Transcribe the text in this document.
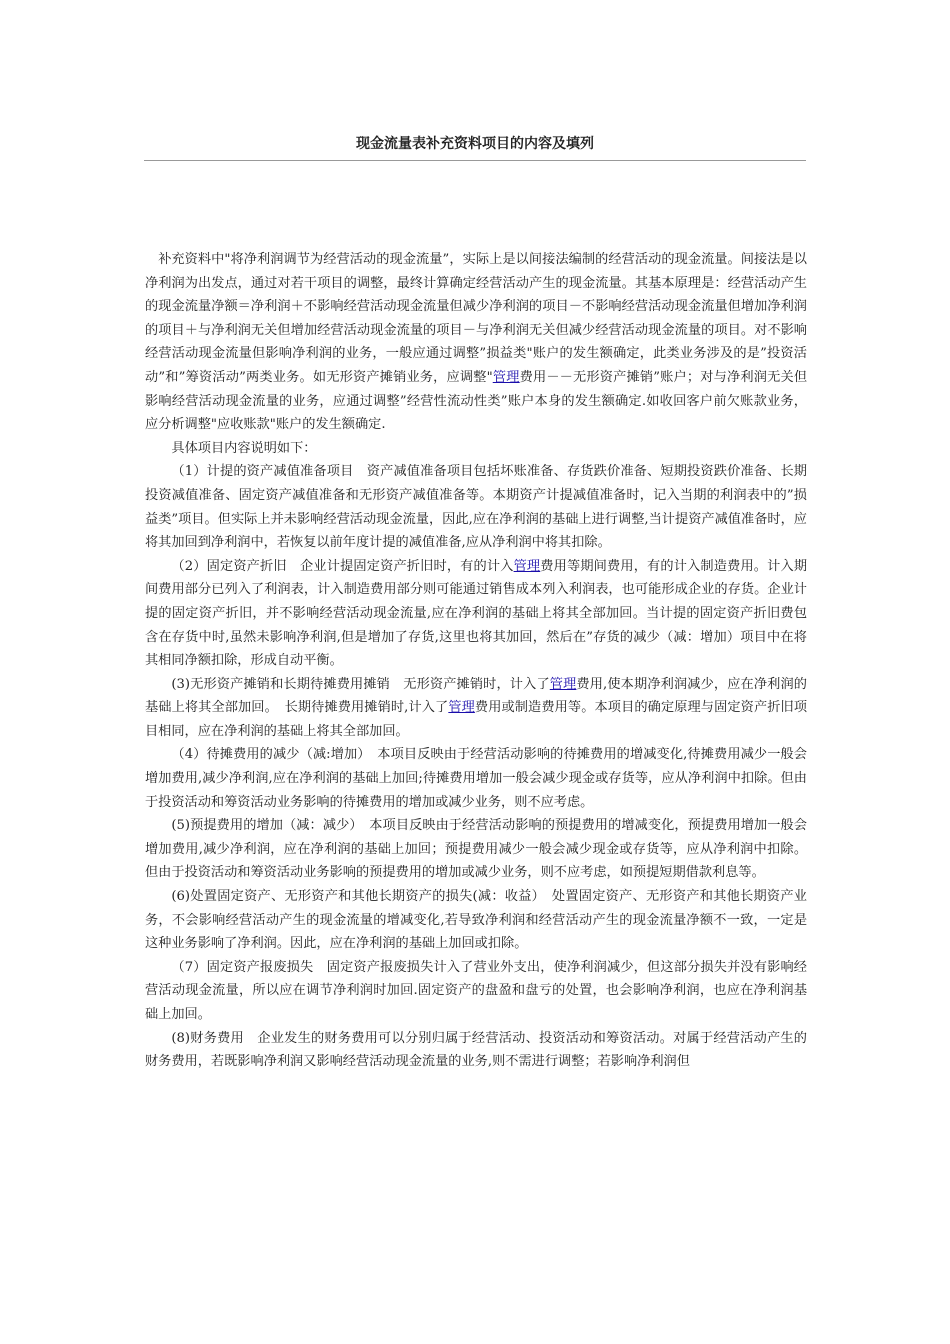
现金流量表补充资料项目的内容及填列

补充资料中"将净利润调节为经营活动的现金流量”，实际上是以间接法编制的经营活动的现金流量。间接法是以净利润为出发点，通过对若干项目的调整，最终计算确定经营活动产生的现金流量。其基本原理是：经营活动产生的现金流量净额＝净利润＋不影响经营活动现金流量但减少净利润的项目－不影响经营活动现金流量但增加净利润的项目＋与净利润无关但增加经营活动现金流量的项目－与净利润无关但减少经营活动现金流量的项目。对不影响经营活动现金流量但影响净利润的业务，一般应通过调整”损益类"账户的发生额确定，此类业务涉及的是”投资活动”和”筹资活动”两类业务。如无形资产摊销业务，应调整"管理费用－－无形资产摊销”账户；对与净利润无关但影响经营活动现金流量的业务，应通过调整”经营性流动性类”账户本身的发生额确定.如收回客户前欠账款业务，应分析调整"应收账款"账户的发生额确定.

具体项目内容说明如下：

（1）计提的资产减值准备项目　资产减值准备项目包括坏账准备、存货跌价准备、短期投资跌价准备、长期投资减值准备、固定资产减值准备和无形资产减值准备等。本期资产计提减值准备时，记入当期的利润表中的”损益类”项目。但实际上并未影响经营活动现金流量，因此,应在净利润的基础上进行调整,当计提资产减值准备时，应将其加回到净利润中，若恢复以前年度计提的减值准备,应从净利润中将其扣除。

（2）固定资产折旧　企业计提固定资产折旧时，有的计入管理费用等期间费用，有的计入制造费用。计入期间费用部分已列入了利润表，计入制造费用部分则可能通过销售成本列入利润表，也可能形成企业的存货。企业计提的固定资产折旧，并不影响经营活动现金流量,应在净利润的基础上将其全部加回。当计提的固定资产折旧费包含在存货中时,虽然未影响净利润,但是增加了存货,这里也将其加回，然后在”存货的减少（减：增加）项目中在将其相同净额扣除，形成自动平衡。

(3)无形资产摊销和长期待摊费用摊销　无形资产摊销时，计入了管理费用,使本期净利润减少，应在净利润的基础上将其全部加回。　长期待摊费用摊销时,计入了管理费用或制造费用等。本项目的确定原理与固定资产折旧项目相同，应在净利润的基础上将其全部加回。

（4）待摊费用的减少（减:增加）　本项目反映由于经营活动影响的待摊费用的增减变化,待摊费用减少一般会增加费用,减少净利润,应在净利润的基础上加回;待摊费用增加一般会减少现金或存货等，应从净利润中扣除。但由于投资活动和筹资活动业务影响的待摊费用的增加或减少业务，则不应考虑。

(5)预提费用的增加（减：减少）　本项目反映由于经营活动影响的预提费用的增减变化，预提费用增加一般会增加费用,减少净利润，应在净利润的基础上加回；预提费用减少一般会减少现金或存货等，应从净利润中扣除。但由于投资活动和筹资活动业务影响的预提费用的增加或减少业务，则不应考虑，如预提短期借款利息等。

(6)处置固定资产、无形资产和其他长期资产的损失(减：收益）　处置固定资产、无形资产和其他长期资产业务，不会影响经营活动产生的现金流量的增减变化,若导致净利润和经营活动产生的现金流量净额不一致，一定是这种业务影响了净利润。因此，应在净利润的基础上加回或扣除。

（7）固定资产报废损失　固定资产报废损失计入了营业外支出，使净利润减少，但这部分损失并没有影响经营活动现金流量，所以应在调节净利润时加回.固定资产的盘盈和盘亏的处置，也会影响净利润，也应在净利润基础上加回。

(8)财务费用　企业发生的财务费用可以分别归属于经营活动、投资活动和筹资活动。对属于经营活动产生的财务费用，若既影响净利润又影响经营活动现金流量的业务,则不需进行调整；若影响净利润但
